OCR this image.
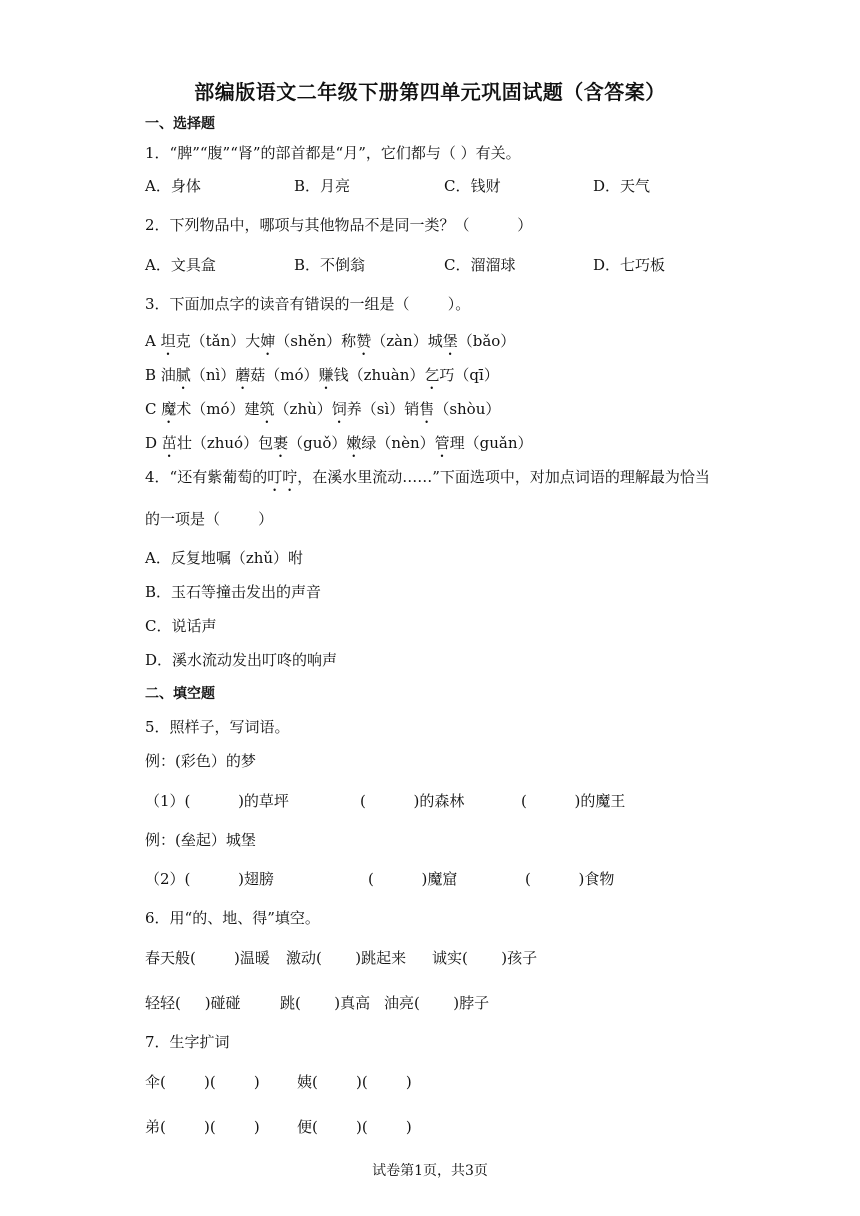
部编版语文二年级下册第四单元巩固试题（含答案）
一、选择题
1．“脾”“腹”“肾”的部首都是“月”，它们都与（ ）有关。
A．身体	B．月亮	C．钱财	D．天气
2．下列物品中，哪项与其他物品不是同一类？（          ）
A．文具盒	B．不倒翁	C．溜溜球	D．七巧板
3．下面加点字的读音有错误的一组是（        ）。
A 坦克（tǎn）大婶（shěn）称赞（zàn）城堡（bǎo）
B 油腻（nì）蘑菇（mó）赚钱（zhuàn）乞巧（qī）
C 魔术（mó）建筑（zhù）饲养（sì）销售（shòu）
D 茁壮（zhuó）包裹（guǒ）嫩绿（nèn）管理（guǎn）
4．“还有紫葡萄的叮咛，在溪水里流动……”下面选项中，对加点词语的理解最为恰当
的一项是（        ）
A．反复地嘱（zhǔ）咐
B．玉石等撞击发出的声音
C．说话声
D．溪水流动发出叮咚的响声
二、填空题
5．照样子，写词语。
例：(彩色）的梦
（1）(          )的草坪	(          )的森林	(          )的魔王
例：(垒起）城堡
（2）(          )翅膀	(          )魔窟	(          )食物
6．用“的、地、得”填空。
春天般(        )温暖 激动(       )跳起来 诚实(       )孩子
轻轻(     )碰碰	跳(       )真高 油亮(       )脖子
7．生字扩词
伞(        )(        ) 姨(        )(        )
弟(        )(        ) 便(        )(        )
试卷第1页，共3页
